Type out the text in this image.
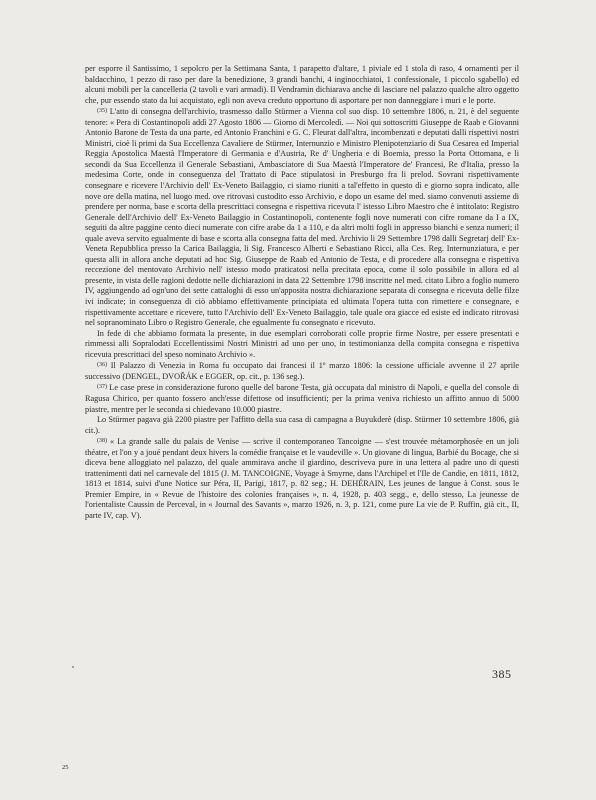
per esporre il Santissimo, 1 sepolcro per la Settimana Santa, 1 parapetto d'altare, 1 piviale ed 1 stola di raso, 4 ornamenti per il baldacchino, 1 pezzo di raso per dare la benedizione, 3 grandi banchi, 4 inginocchiatoi, 1 confessionale, 1 piccolo sgabello) ed alcuni mobili per la cancelleria (2 tavoli e vari armadi). Il Vendramin dichiarava anche di lasciare nel palazzo qualche altro oggetto che, pur essendo stato da lui acquistato, egli non aveva creduto opportuno di asportare per non danneggiare i muri e le porte.

$^{(35)}$ L'atto di consegna dell'archivio, trasmesso dallo Stürmer a Vienna col suo disp. 10 settembre 1806, n. 21, è del seguente tenore: « Pera di Costantinopoli addì 27 Agosto 1806 — Giorno di Mercoledì. — Noi qui sottoscritti Giuseppe de Raab e Giovanni Antonio Barone de Testa da una parte, ed Antonio Franchini e G. C. Fleurat dall'altra, incombenzati e deputati dalli rispettivi nostri Ministri, cioè li primi da Sua Eccellenza Cavaliere de Stürmer, Internunzio e Ministro Plenipotenziario di Sua Cesarea ed Imperial Reggia Apostolica Maestà l'Imperatore di Germania e d'Austria, Re d' Ungheria e di Boemia, presso la Porta Ottomana, e li secondi da Sua Eccellenza il Generale Sebastiani, Ambasciatore di Sua Maestà l'Imperatore de' Francesi, Re d'Italia, presso la medesima Corte, onde in conseguenza del Trattato di Pace stipulatosi in Presburgo fra li prelod. Sovrani rispettivamente consegnare e ricevere l'Archivio dell' Ex-Veneto Bailaggio, ci siamo riuniti a tal'effetto in questo dì e giorno sopra indicato, alle nove ore della matina, nel luogo med. ove ritrovasi custodito esso Archivio, e dopo un esame del med. siamo convenuti assieme di prendere per norma, base e scorta della prescrittaci consegna e rispettiva ricevuta l' istesso Libro Maestro che è intitolato: Registro Generale dell'Archivio dell' Ex-Veneto Bailaggio in Costantinopoli, contenente fogli nove numerati con cifre romane da I a IX, seguiti da altre paggine cento dieci numerate con cifre arabe da 1 a 110, e da altri molti fogli in appresso bianchi e senza numeri; il quale aveva servito egualmente di base e scorta alla consegna fatta del med. Archivio li 29 Settembre 1798 dalli Segretarj dell' Ex-Veneta Repubblica presso la Carica Bailaggia, li Sig. Francesco Alberti e Sebastiano Ricci, alla Ces. Reg. Internunziatura, e per questa alli in allora anche deputati ad hoc Sig. Giuseppe de Raab ed Antonio de Testa, e di procedere alla consegna e rispettiva reccezione del mentovato Archivio nell' istesso modo praticatosi nella precitata epoca, come il solo possibile in allora ed al presente, in vista delle ragioni dedotte nelle dichiarazioni in data 22 Settembre 1798 inscritte nel med. citato Libro a foglio numero IV, aggiungendo ad ogn'uno dei sette cattaloghi di esso un'apposita nostra dichiarazione separata di consegna e ricevuta delle filze ivi indicate; in conseguenza di ciò abbiamo effettivamente principiata ed ultimata l'opera tutta con rimettere e consegnare, e rispettivamente accettare e ricevere, tutto l'Archivio dell' Ex-Veneto Bailaggio, tale quale ora giacce ed esiste ed indicato ritrovasi nel sopranominato Libro o Registro Generale, che egualmente fu consegnato e ricevuto.

In fede di che abbiamo formata la presente, in due esemplari corroborati colle proprie firme Nostre, per essere presentati e rimmessi alli Sopralodati Eccellentissimi Nostri Ministri ad uno per uno, in testimonianza della compita consegna e rispettiva ricevuta prescrittaci del speso nominato Archivio ».

$^{(36)}$ Il Palazzo di Venezia in Roma fu occupato dai francesi il 1º marzo 1806: la cessione ufficiale avvenne il 27 aprile successivo (DENGEL, DVOŘÁK e EGGER, op. cit., p. 136 seg.).

$^{(37)}$ Le case prese in considerazione furono quelle del barone Testa, già occupata dal ministro di Napoli, e quella del console di Ragusa Chirico, per quanto fossero anch'esse difettose od insufficienti; per la prima veniva richiesto un affitto annuo di 5000 piastre, mentre per le seconda si chiedevano 10.000 piastre.

Lo Stürmer pagava già 2200 piastre per l'affitto della sua casa di campagna a Buyukderè (disp. Stürmer 10 settembre 1806, già cit.).

$^{(38)}$ « La grande salle du palais de Venise — scrive il contemporaneo Tancoigne — s'est trouvée métamorphosée en un joli théatre, et l'on y a joué pendant deux hivers la comédie française et le vaudeville ». Un giovane di lingua, Barbié du Bocage, che si diceva bene alloggiato nel palazzo, del quale ammirava anche il giardino, descriveva pure in una lettera al padre uno di questi trattenimenti dati nel carnevale del 1815 (J. M. TANCOIGNE, Voyage à Smyrne, dans l'Archipel et l'Ile de Candie, en 1811, 1812, 1813 et 1814, suivi d'une Notice sur Péra, II, Parigi, 1817, p. 82 seg.; H. DEHÉRAIN, Les jeunes de langue à Const. sous le Premier Empire, in « Revue de l'histoire des colonies françaises », n. 4, 1928, p. 403 segg., e, dello stesso, La jeunesse de l'orientaliste Caussin de Perceval, in « Journal des Savants », marzo 1926, n. 3, p. 121, come pure La vie de P. Ruffin, già cit., II, parte IV, cap. V).

385
25
